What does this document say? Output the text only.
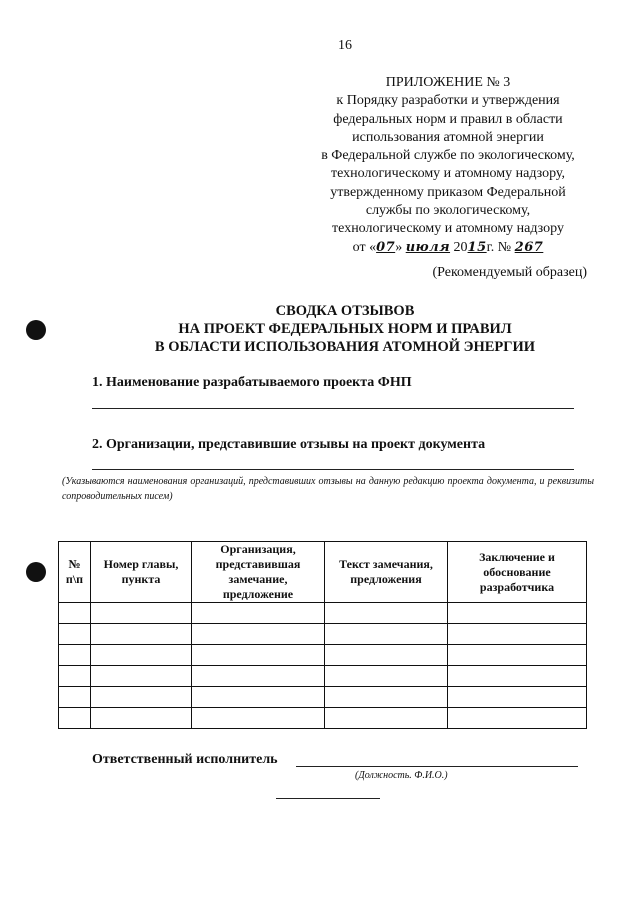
16
ПРИЛОЖЕНИЕ № 3
к Порядку разработки и утверждения
федеральных норм и правил в области
использования атомной энергии
в Федеральной службе по экологическому,
технологическому и атомному надзору,
утвержденному приказом Федеральной
службы по экологическому,
технологическому и атомному надзору
от «07» июля 2015г. № 267
(Рекомендуемый образец)
СВОДКА ОТЗЫВОВ
НА ПРОЕКТ ФЕДЕРАЛЬНЫХ НОРМ И ПРАВИЛ
В ОБЛАСТИ ИСПОЛЬЗОВАНИЯ АТОМНОЙ ЭНЕРГИИ
1. Наименование разрабатываемого проекта ФНП
2. Организации, представившие отзывы на проект документа
(Указываются наименования организаций, представивших отзывы на данную редакцию проекта документа, и реквизиты сопроводительных писем)
№ п\п	Номер главы, пункта	Организация, представившая замечание, предложение	Текст замечания, предложения	Заключение и обоснование разработчика

Ответственный исполнитель
(Должность. Ф.И.О.)
